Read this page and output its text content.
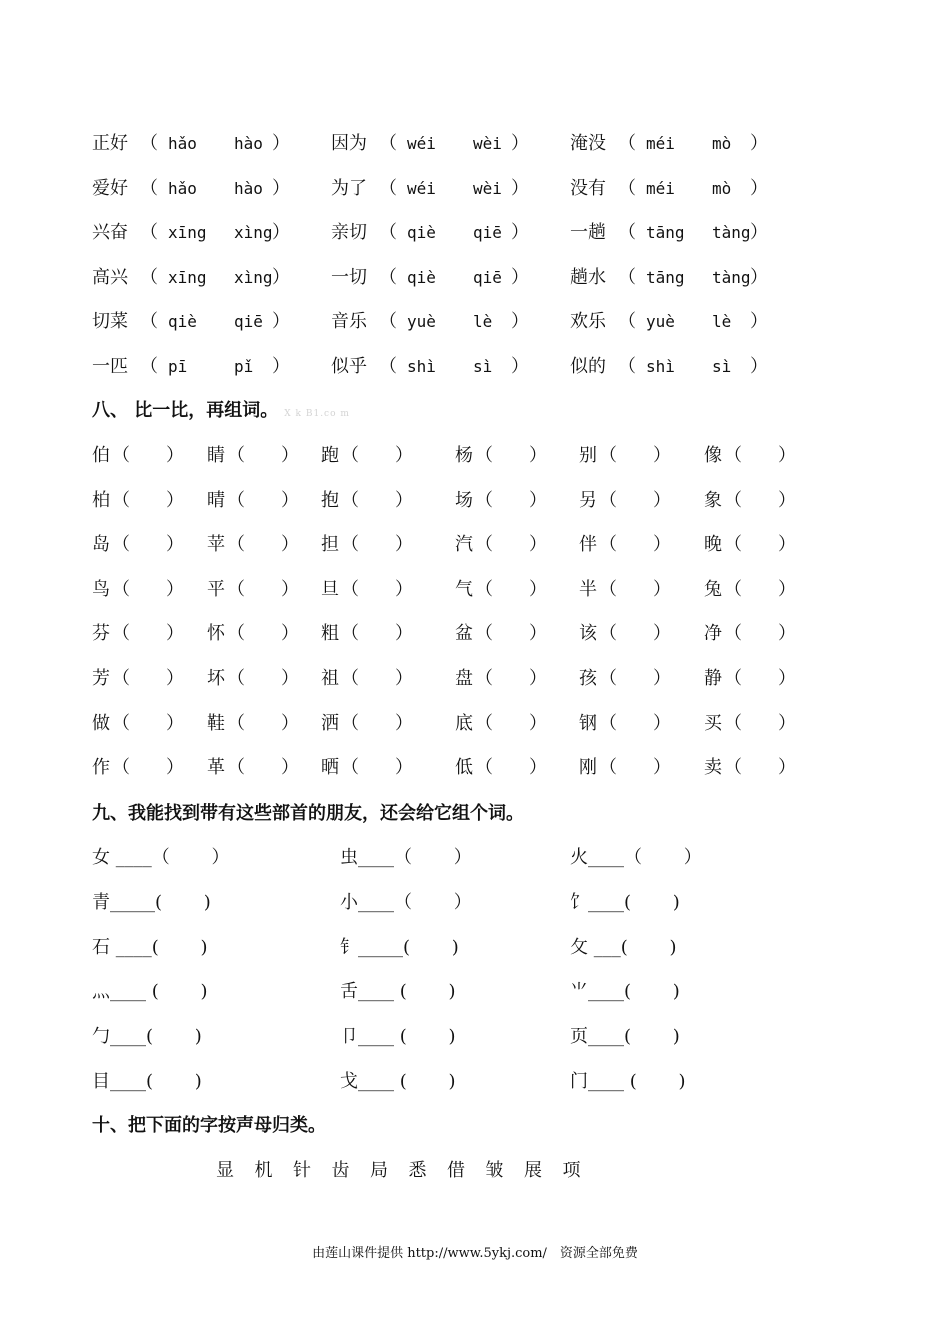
正好 （ hǎo hào ） 因为 （ wéi wèi ） 淹没 （ méi mò ）
爱好 （ hǎo hào ） 为了 （ wéi wèi ） 没有 （ méi mò ）
兴奋 （ xīng xìng ） 亲切 （ qiè qiē ） 一趟 （ tāng tàng ）
高兴 （ xīng xìng ） 一切 （ qiè qiē ） 趟水 （ tāng tàng ）
切菜 （ qiè qiē ） 音乐 （ yuè lè ） 欢乐 （ yuè lè ）
一匹 （ pī	pǐ ） 似乎 （ shì sì ） 似的 （ shì sì ）
八、 比一比，再组词。 X k B1.co m
伯 （　　） 睛 （　　） 跑 （　　） 杨 （　　） 别 （　　） 像 （　　）
柏 （　　） 晴 （　　） 抱 （　　） 场 （　　） 另 （　　） 象 （　　）
岛 （　　） 苹 （　　） 担 （　　） 汽 （　　） 伴 （　　） 晚 （　　）
鸟 （　　） 平 （　　） 旦 （　　） 气 （　　） 半 （　　） 兔 （　　）
芬 （　　） 怀 （　　） 粗 （　　） 盆 （　　） 该 （　　） 净 （　　）
芳 （　　） 坏 （　　） 祖 （　　） 盘 （　　） 孩 （　　） 静 （　　）
做 （　　） 鞋 （　　） 洒 （　　） 底 （　　） 钢 （　　） 买 （　　）
作 （　　） 革 （　　） 晒 （　　） 低 （　　） 刚 （　　） 卖 （　　）
九、我能找到带有这些部首的朋友，还会给它组个词。
女 ____（　　 ）	虫____（　　 ）	火____（　　 ）
青_____(　　 )	小____（　　 ）	饣____(　　 )
石 ____(　　 )	钅_____(　　 )	攵 ___(　　 )
灬____ (　　 )	舌____ (　　 )	⺌____(　　 )
勹____(　　 )	卩____ (　　 )	页____(　　 )
目____(　　 )	戈____ (　　 )	门____ (　　 )
十、把下面的字按声母归类。
显 机 针 齿 局 悉 借 皱 展 项
由莲山课件提供 http://www.5ykj.com/　资源全部免费
